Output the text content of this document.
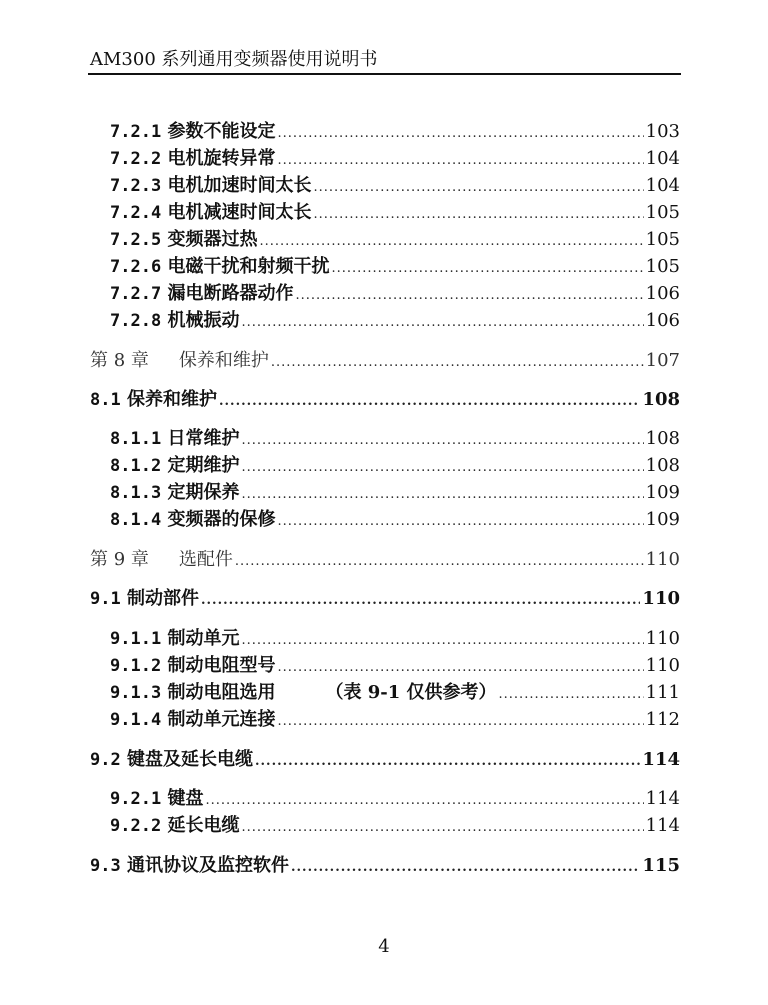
AM300 系列通用变频器使用说明书
7.2.1 参数不能设定 .....	103
7.2.2 电机旋转异常 .....	104
7.2.3 电机加速时间太长 .....	104
7.2.4 电机减速时间太长 .....	105
7.2.5 变频器过热 .....	105
7.2.6 电磁干扰和射频干扰 .....	105
7.2.7 漏电断路器动作 .....	106
7.2.8 机械振动 .....	106
第 8 章 保养和维护 .....	107
8.1 保养和维护 .....	108
8.1.1 日常维护 .....	108
8.1.2 定期维护 .....	108
8.1.3 定期保养 .....	109
8.1.4 变频器的保修 .....	109
第 9 章 选配件 .....	110
9.1 制动部件 .....	110
9.1.1 制动单元 .....	110
9.1.2 制动电阻型号 .....	110
9.1.3 制动电阻选用	（表 9-1 仅供参考） .....	111
9.1.4 制动单元连接 .....	112
9.2 键盘及延长电缆 .....	114
9.2.1 键盘 .....	114
9.2.2 延长电缆 .....	114
9.3 通讯协议及监控软件 .....	115
4
